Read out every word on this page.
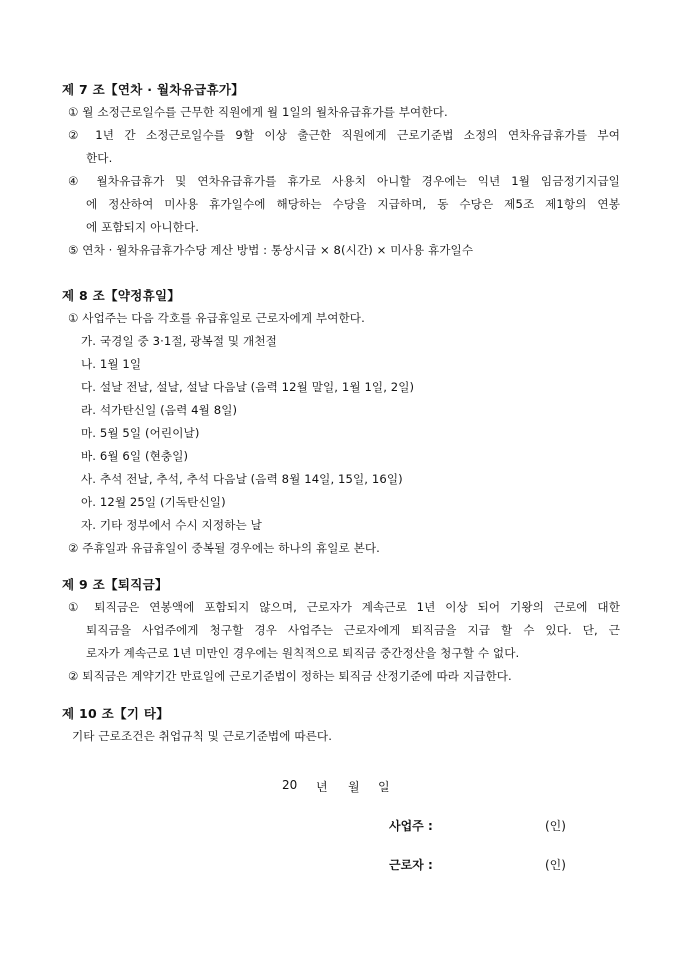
제 7 조【연차 · 월차유급휴가】
① 월 소정근로일수를 근무한 직원에게 월 1일의 월차유급휴가를 부여한다.
② 1년 간 소정근로일수를 9할 이상 출근한 직원에게 근로기준법 소정의 연차유급휴가를 부여
한다.
④ 월차유급휴가 및 연차유급휴가를 휴가로 사용치 아니할 경우에는 익년 1월 임금정기지급일
에 정산하여 미사용 휴가일수에 해당하는 수당을 지급하며, 동 수당은 제5조 제1항의 연봉
에 포함되지 아니한다.
⑤ 연차 · 월차유급휴가수당 계산 방법 : 통상시급 × 8(시간) × 미사용 휴가일수
제 8 조【약정휴일】
① 사업주는 다음 각호를 유급휴일로 근로자에게 부여한다.
가. 국경일 중 3·1절, 광복절 및 개천절
나. 1월 1일
다. 설날 전날, 설날, 설날 다음날 (음력 12월 말일, 1월 1일, 2일)
라. 석가탄신일 (음력 4월 8일)
마. 5월 5일 (어린이날)
바. 6월 6일 (현충일)
사. 추석 전날, 추석, 추석 다음날 (음력 8월 14일, 15일, 16일)
아. 12월 25일 (기독탄신일)
자. 기타 정부에서 수시 지정하는 날
② 주휴일과 유급휴일이 중복될 경우에는 하나의 휴일로 본다.
제 9 조【퇴직금】
① 퇴직금은 연봉액에 포함되지 않으며, 근로자가 계속근로 1년 이상 되어 기왕의 근로에 대한
퇴직금을 사업주에게 청구할 경우 사업주는 근로자에게 퇴직금을 지급 할 수 있다. 단, 근
로자가 계속근로 1년 미만인 경우에는 원칙적으로 퇴직금 중간정산을 청구할 수 없다.
② 퇴직금은 계약기간 만료일에 근로기준법이 정하는 퇴직금 산정기준에 따라 지급한다.
제 10 조【기 타】
기타 근로조건은 취업규칙 및 근로기준법에 따른다.
20 년 월 일
사업주 :	(인)
근로자 :	(인)
